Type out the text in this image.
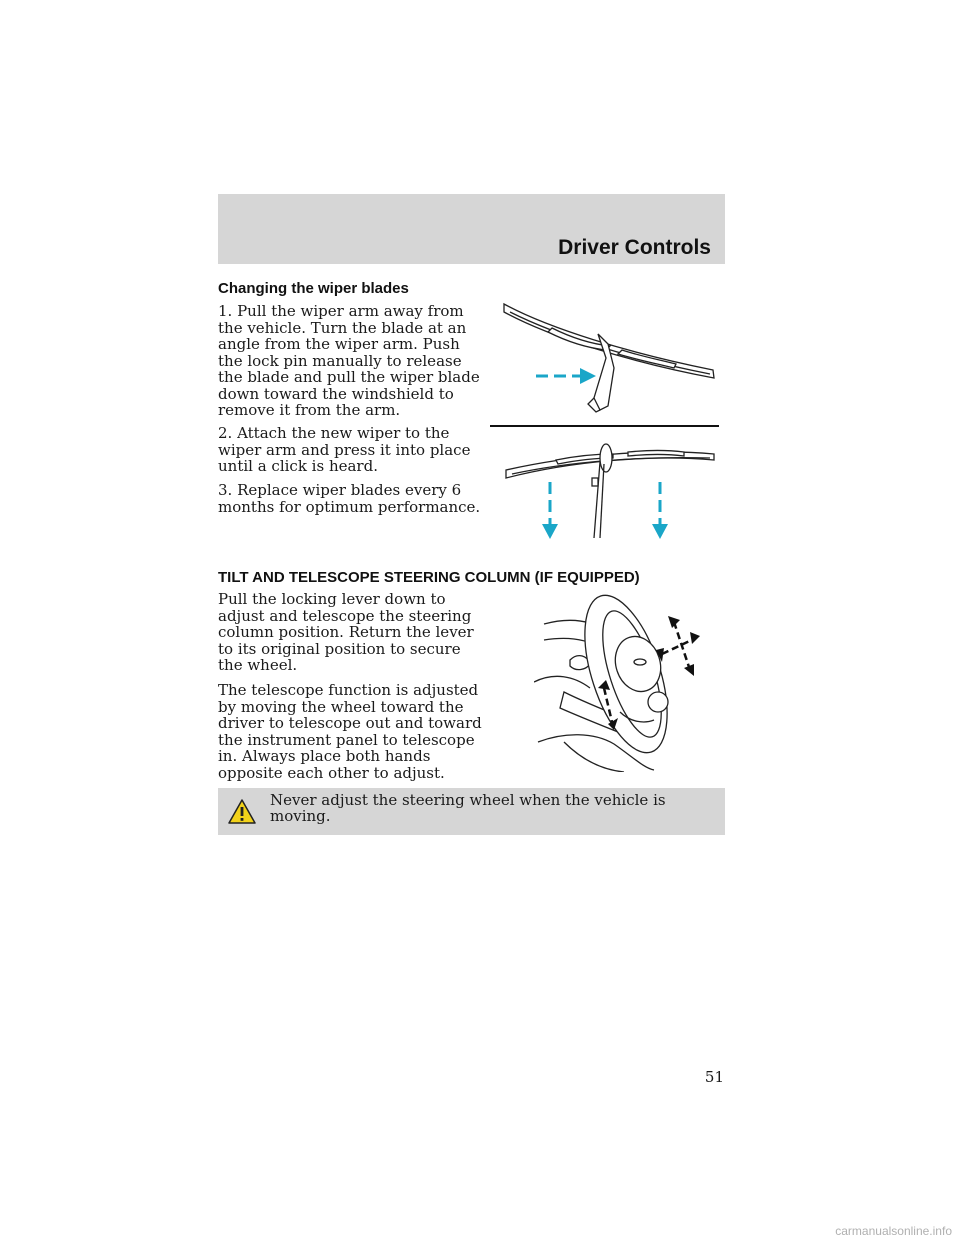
Driver Controls
Changing the wiper blades

1. Pull the wiper arm away from the vehicle. Turn the blade at an angle from the wiper arm. Push the lock pin manually to release the blade and pull the wiper blade down toward the windshield to remove it from the arm.

2. Attach the new wiper to the wiper arm and press it into place until a click is heard.

3. Replace wiper blades every 6 months for optimum performance.

TILT AND TELESCOPE STEERING COLUMN (IF EQUIPPED)

Pull the locking lever down to adjust and telescope the steering column position. Return the lever to its original position to secure the wheel.

The telescope function is adjusted by moving the wheel toward the driver to telescope out and toward the instrument panel to telescope in. Always place both hands opposite each other to adjust.

Never adjust the steering wheel when the vehicle is moving.
51
carmanualsonline.info
